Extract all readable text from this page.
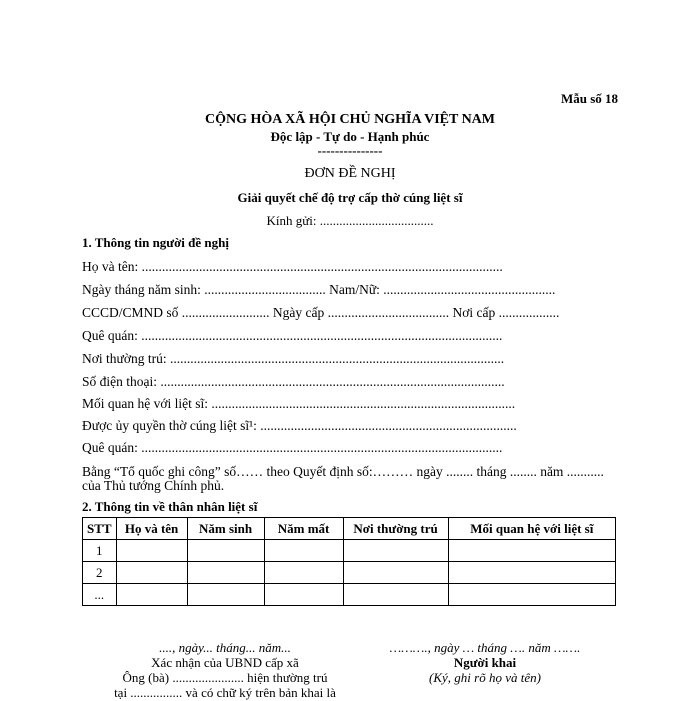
Mẫu số 18
CỘNG HÒA XÃ HỘI CHỦ NGHĨA VIỆT NAM
Độc lập - Tự do - Hạnh phúc
---------------
ĐƠN ĐỀ NGHỊ
Giải quyết chế độ trợ cấp thờ cúng liệt sĩ
Kính gửi: ...................................
1. Thông tin người đề nghị
Họ và tên: ...........................................................................................................
Ngày tháng năm sinh: .................................... Nam/Nữ: ...................................................
CCCD/CMND số .......................... Ngày cấp .................................... Nơi cấp ..................
Quê quán: ...........................................................................................................
Nơi thường trú: ...................................................................................................
Số điện thoại: ......................................................................................................
Mối quan hệ với liệt sĩ: ..........................................................................................
Được ủy quyền thờ cúng liệt sĩ¹: ............................................................................
Quê quán: ...........................................................................................................
Bằng “Tổ quốc ghi công” số…… theo Quyết định số:……… ngày ........ tháng ........ năm ...........
của Thủ tướng Chính phủ.
2. Thông tin về thân nhân liệt sĩ
STT	Họ và tên	Năm sinh	Năm mất	Nơi thường trú	Mối quan hệ với liệt sĩ
1					
2					
...					
...., ngày... tháng... năm...
Xác nhận của UBND cấp xã
Ông (bà) ...................... hiện thường trú
tại ................ và có chữ ký trên bản khai là
………., ngày … tháng …. năm …….
Người khai
(Ký, ghi rõ họ và tên)
